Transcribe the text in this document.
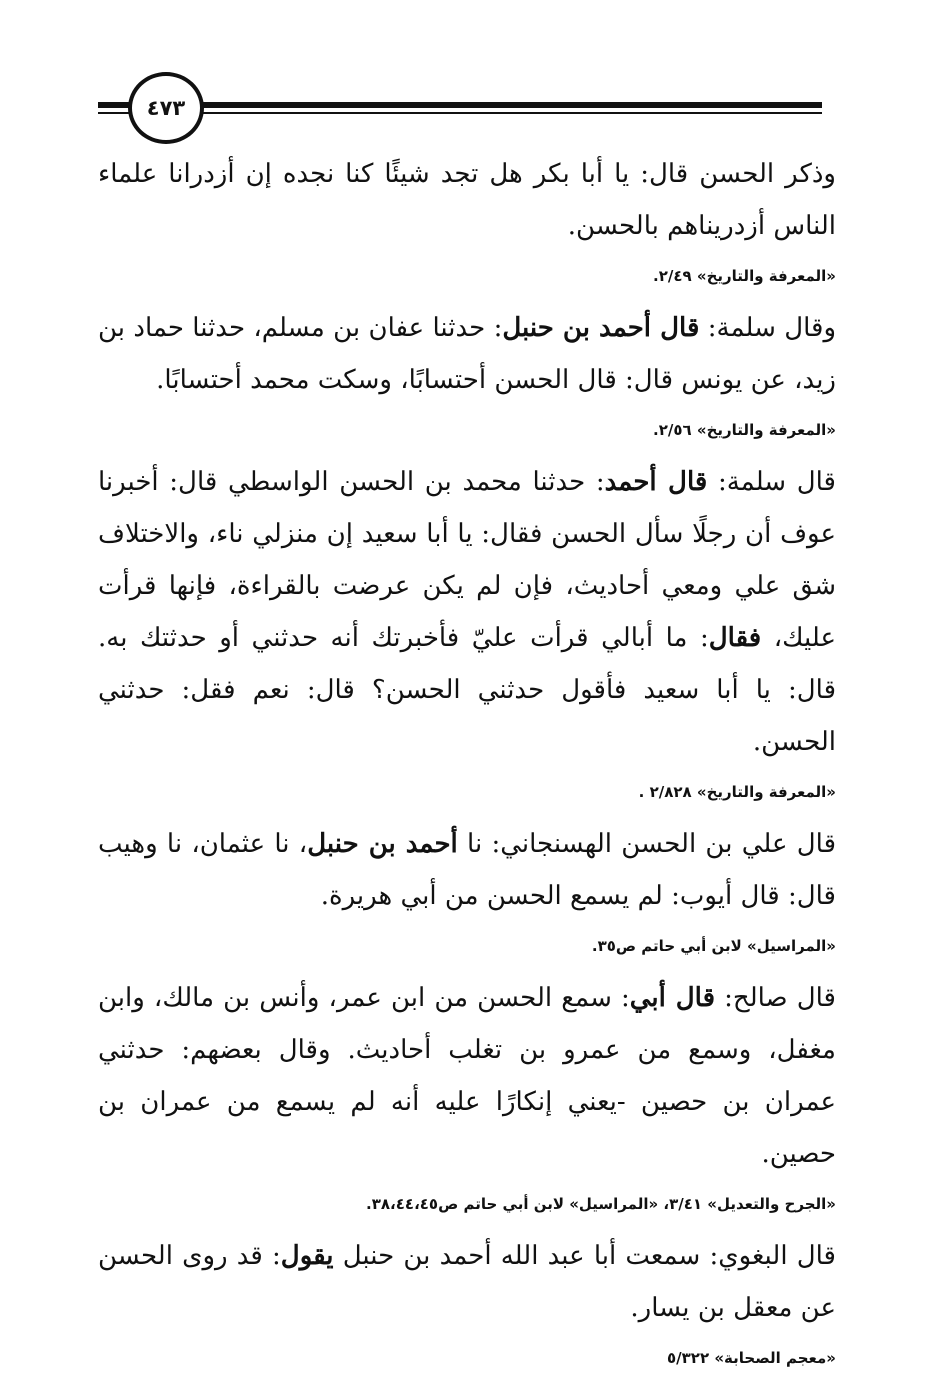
٤٧٣

وذكر الحسن قال: يا أبا بكر هل تجد شيئًا كنا نجده إن أزدرانا علماء الناس أزدريناهم بالحسن.

«المعرفة والتاريخ» ٢/٤٩.

وقال سلمة: قال أحمد بن حنبل: حدثنا عفان بن مسلم، حدثنا حماد بن زيد، عن يونس قال: قال الحسن أحتسابًا، وسكت محمد أحتسابًا.

«المعرفة والتاريخ» ٢/٥٦.

قال سلمة: قال أحمد: حدثنا محمد بن الحسن الواسطي قال: أخبرنا عوف أن رجلًا سأل الحسن فقال: يا أبا سعيد إن منزلي ناء، والاختلاف شق علي ومعي أحاديث، فإن لم يكن عرضت بالقراءة، فإنها قرأت عليك، فقال: ما أبالي قرأت عليّ فأخبرتك أنه حدثني أو حدثتك به. قال: يا أبا سعيد فأقول حدثني الحسن؟ قال: نعم فقل: حدثني الحسن.

«المعرفة والتاريخ» ٢/٨٢٨ .

قال علي بن الحسن الهسنجاني: نا أحمد بن حنبل، نا عثمان، نا وهيب قال: قال أيوب: لم يسمع الحسن من أبي هريرة.

«المراسيل» لابن أبي حاتم ص٣٥.

قال صالح: قال أبي: سمع الحسن من ابن عمر، وأنس بن مالك، وابن مغفل، وسمع من عمرو بن تغلب أحاديث. وقال بعضهم: حدثني عمران بن حصين -يعني إنكارًا عليه أنه لم يسمع من عمران بن حصين.

«الجرح والتعديل» ٣/٤١، «المراسيل» لابن أبي حاتم ص٣٨،٤٤،٤٥.

قال البغوي: سمعت أبا عبد الله أحمد بن حنبل يقول: قد روى الحسن عن معقل بن يسار.

«معجم الصحابة» ٥/٣٢٢
